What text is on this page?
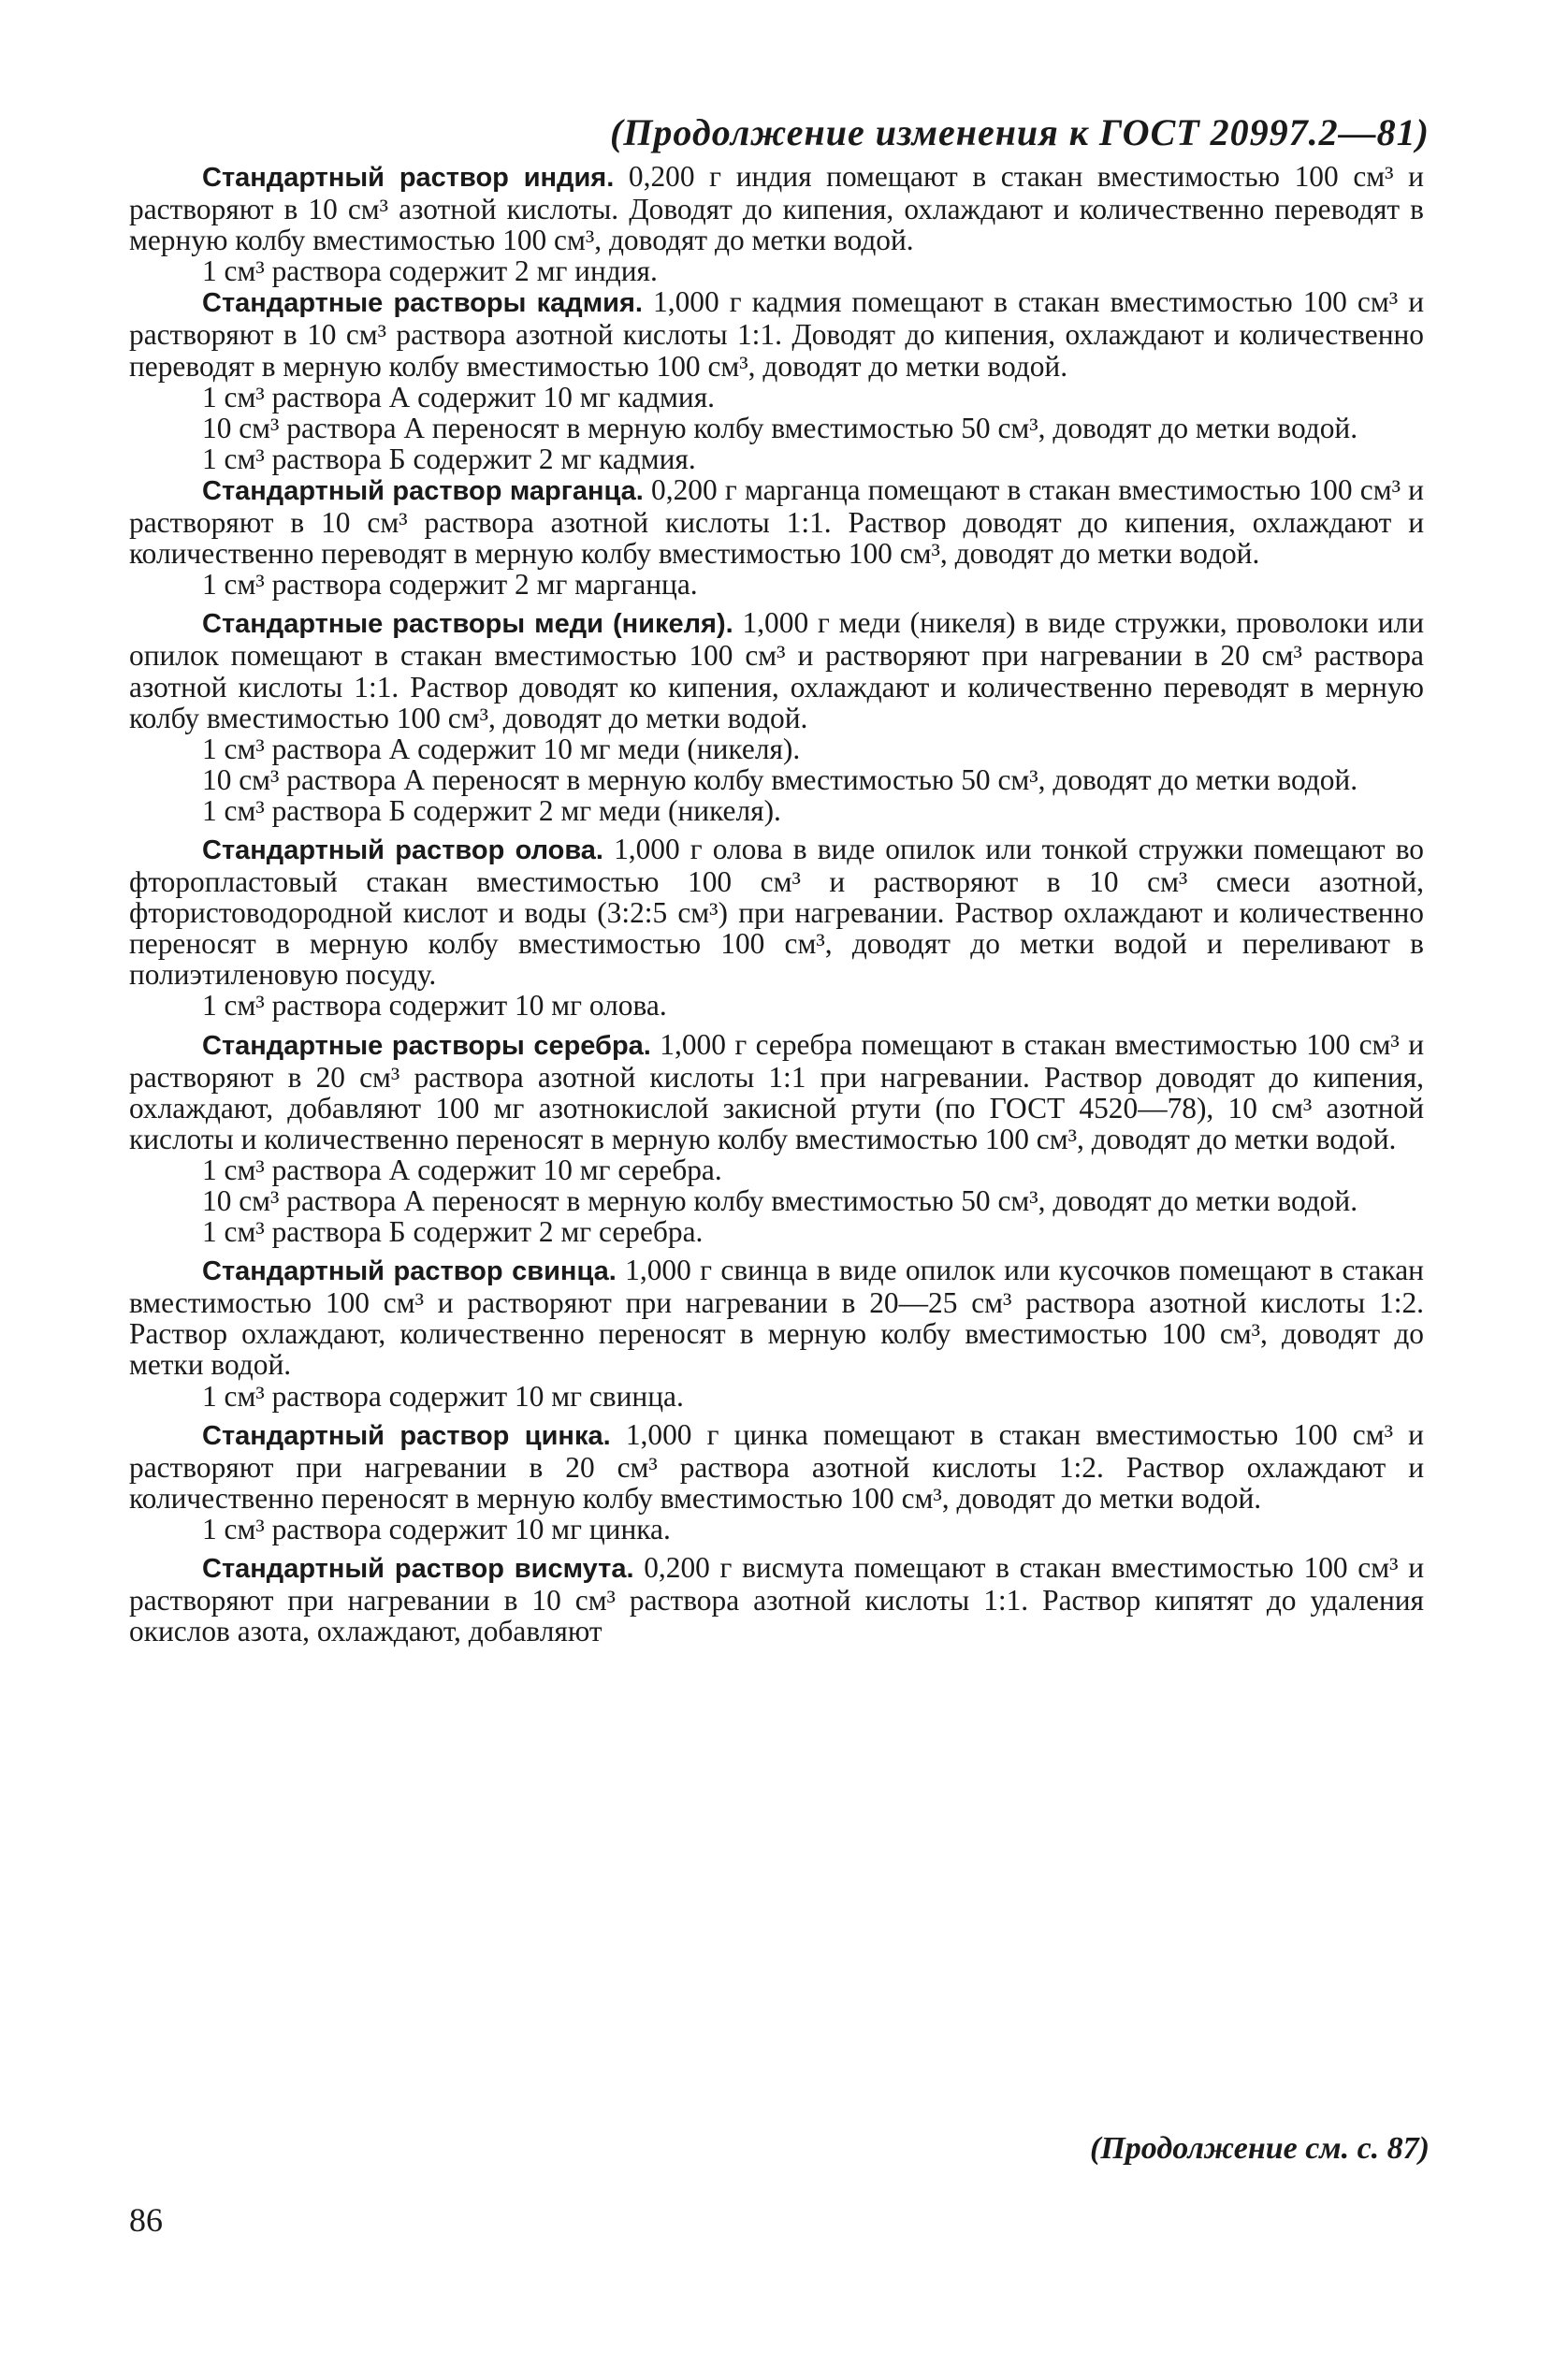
(Продолжение изменения к ГОСТ 20997.2—81)

Стандартный раствор индия. 0,200 г индия помещают в стакан вместимостью 100 см³ и растворяют в 10 см³ азотной кислоты. Доводят до кипения, охлаждают и количественно переводят в мерную колбу вместимостью 100 см³, доводят до метки водой.

1 см³ раствора содержит 2 мг индия.

Стандартные растворы кадмия. 1,000 г кадмия помещают в стакан вместимостью 100 см³ и растворяют в 10 см³ раствора азотной кислоты 1:1. Доводят до кипения, охлаждают и количественно переводят в мерную колбу вместимостью 100 см³, доводят до метки водой.

1 см³ раствора А содержит 10 мг кадмия.

10 см³ раствора А переносят в мерную колбу вместимостью 50 см³, доводят до метки водой.

1 см³ раствора Б содержит 2 мг кадмия.

Стандартный раствор марганца. 0,200 г марганца помещают в стакан вместимостью 100 см³ и растворяют в 10 см³ раствора азотной кислоты 1:1. Раствор доводят до кипения, охлаждают и количественно переводят в мерную колбу вместимостью 100 см³, доводят до метки водой.

1 см³ раствора содержит 2 мг марганца.

Стандартные растворы меди (никеля). 1,000 г меди (никеля) в виде стружки, проволоки или опилок помещают в стакан вместимостью 100 см³ и растворяют при нагревании в 20 см³ раствора азотной кислоты 1:1. Раствор доводят ко кипения, охлаждают и количественно переводят в мерную колбу вместимостью 100 см³, доводят до метки водой.

1 см³ раствора А содержит 10 мг меди (никеля).

10 см³ раствора А переносят в мерную колбу вместимостью 50 см³, доводят до метки водой.

1 см³ раствора Б содержит 2 мг меди (никеля).

Стандартный раствор олова. 1,000 г олова в виде опилок или тонкой стружки помещают во фторопластовый стакан вместимостью 100 см³ и растворяют в 10 см³ смеси азотной, фтористоводородной кислот и воды (3:2:5 см³) при нагревании. Раствор охлаждают и количественно переносят в мерную колбу вместимостью 100 см³, доводят до метки водой и переливают в полиэтиленовую посуду.

1 см³ раствора содержит 10 мг олова.

Стандартные растворы серебра. 1,000 г серебра помещают в стакан вместимостью 100 см³ и растворяют в 20 см³ раствора азотной кислоты 1:1 при нагревании. Раствор доводят до кипения, охлаждают, добавляют 100 мг азотнокислой закисной ртути (по ГОСТ 4520—78), 10 см³ азотной кислоты и количественно переносят в мерную колбу вместимостью 100 см³, доводят до метки водой.

1 см³ раствора А содержит 10 мг серебра.

10 см³ раствора А переносят в мерную колбу вместимостью 50 см³, доводят до метки водой.

1 см³ раствора Б содержит 2 мг серебра.

Стандартный раствор свинца. 1,000 г свинца в виде опилок или кусочков помещают в стакан вместимостью 100 см³ и растворяют при нагревании в 20—25 см³ раствора азотной кислоты 1:2. Раствор охлаждают, количественно переносят в мерную колбу вместимостью 100 см³, доводят до метки водой.

1 см³ раствора содержит 10 мг свинца.

Стандартный раствор цинка. 1,000 г цинка помещают в стакан вместимостью 100 см³ и растворяют при нагревании в 20 см³ раствора азотной кислоты 1:2. Раствор охлаждают и количественно переносят в мерную колбу вместимостью 100 см³, доводят до метки водой.

1 см³ раствора содержит 10 мг цинка.

Стандартный раствор висмута. 0,200 г висмута помещают в стакан вместимостью 100 см³ и растворяют при нагревании в 10 см³ раствора азотной кислоты 1:1. Раствор кипятят до удаления окислов азота, охлаждают, добавляют

(Продолжение см. с. 87)
86
